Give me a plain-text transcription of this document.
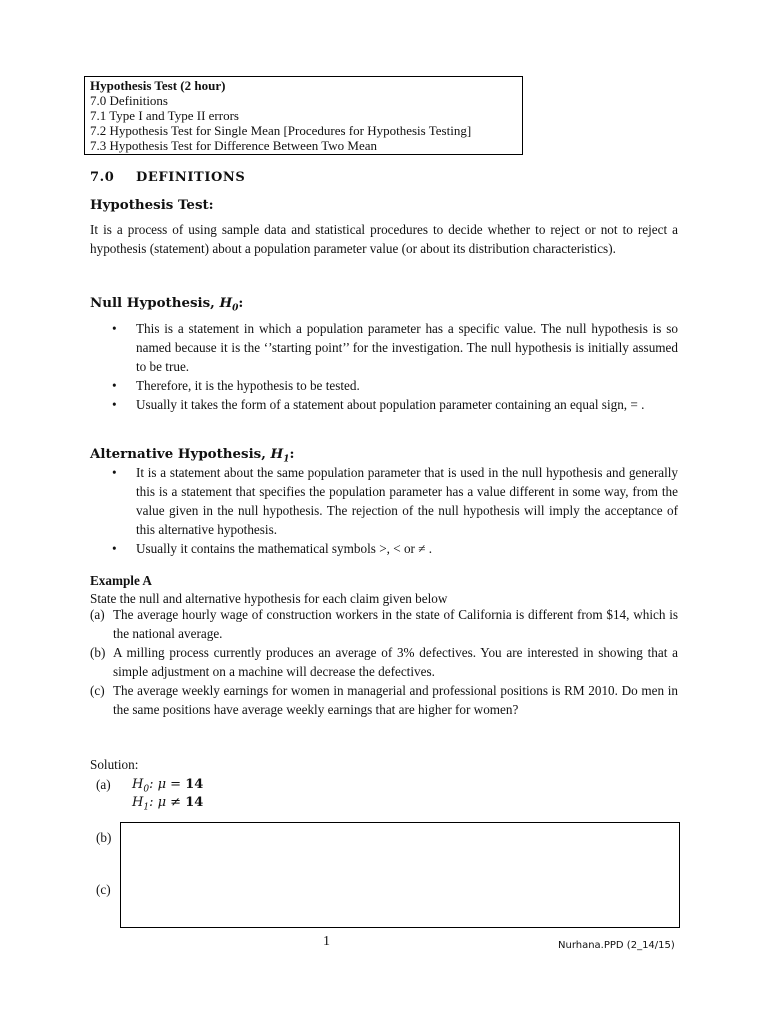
Hypothesis Test (2 hour)
7.0 Definitions
7.1 Type I and Type II errors
7.2 Hypothesis Test for Single Mean [Procedures for Hypothesis Testing]
7.3 Hypothesis Test for Difference Between Two Mean
7.0 DEFINITIONS
Hypothesis Test:
It is a process of using sample data and statistical procedures to decide whether to reject or not to reject a hypothesis (statement) about a population parameter value (or about its distribution characteristics).
Null Hypothesis, $H_0$:
• This is a statement in which a population parameter has a specific value. The null hypothesis is so named because it is the ‘’starting point’’ for the investigation. The null hypothesis is initially assumed to be true.
• Therefore, it is the hypothesis to be tested.
• Usually it takes the form of a statement about population parameter containing an equal sign, = .
Alternative Hypothesis, $H_1$:
• It is a statement about the same population parameter that is used in the null hypothesis and generally this is a statement that specifies the population parameter has a value different in some way, from the value given in the null hypothesis. The rejection of the null hypothesis will imply the acceptance of this alternative hypothesis.
• Usually it contains the mathematical symbols >, < or ≠ .
Example A
State the null and alternative hypothesis for each claim given below
(a) The average hourly wage of construction workers in the state of California is different from $14, which is the national average.
(b) A milling process currently produces an average of 3% defectives. You are interested in showing that a simple adjustment on a machine will decrease the defectives.
(c) The average weekly earnings for women in managerial and professional positions is RM 2010. Do men in the same positions have average weekly earnings that are higher for women?
Solution:
(a) $H_0$: μ = 14
$H_1$: μ ≠ 14
(b)
(c)
1	Nurhana.PPD (2_14/15)
